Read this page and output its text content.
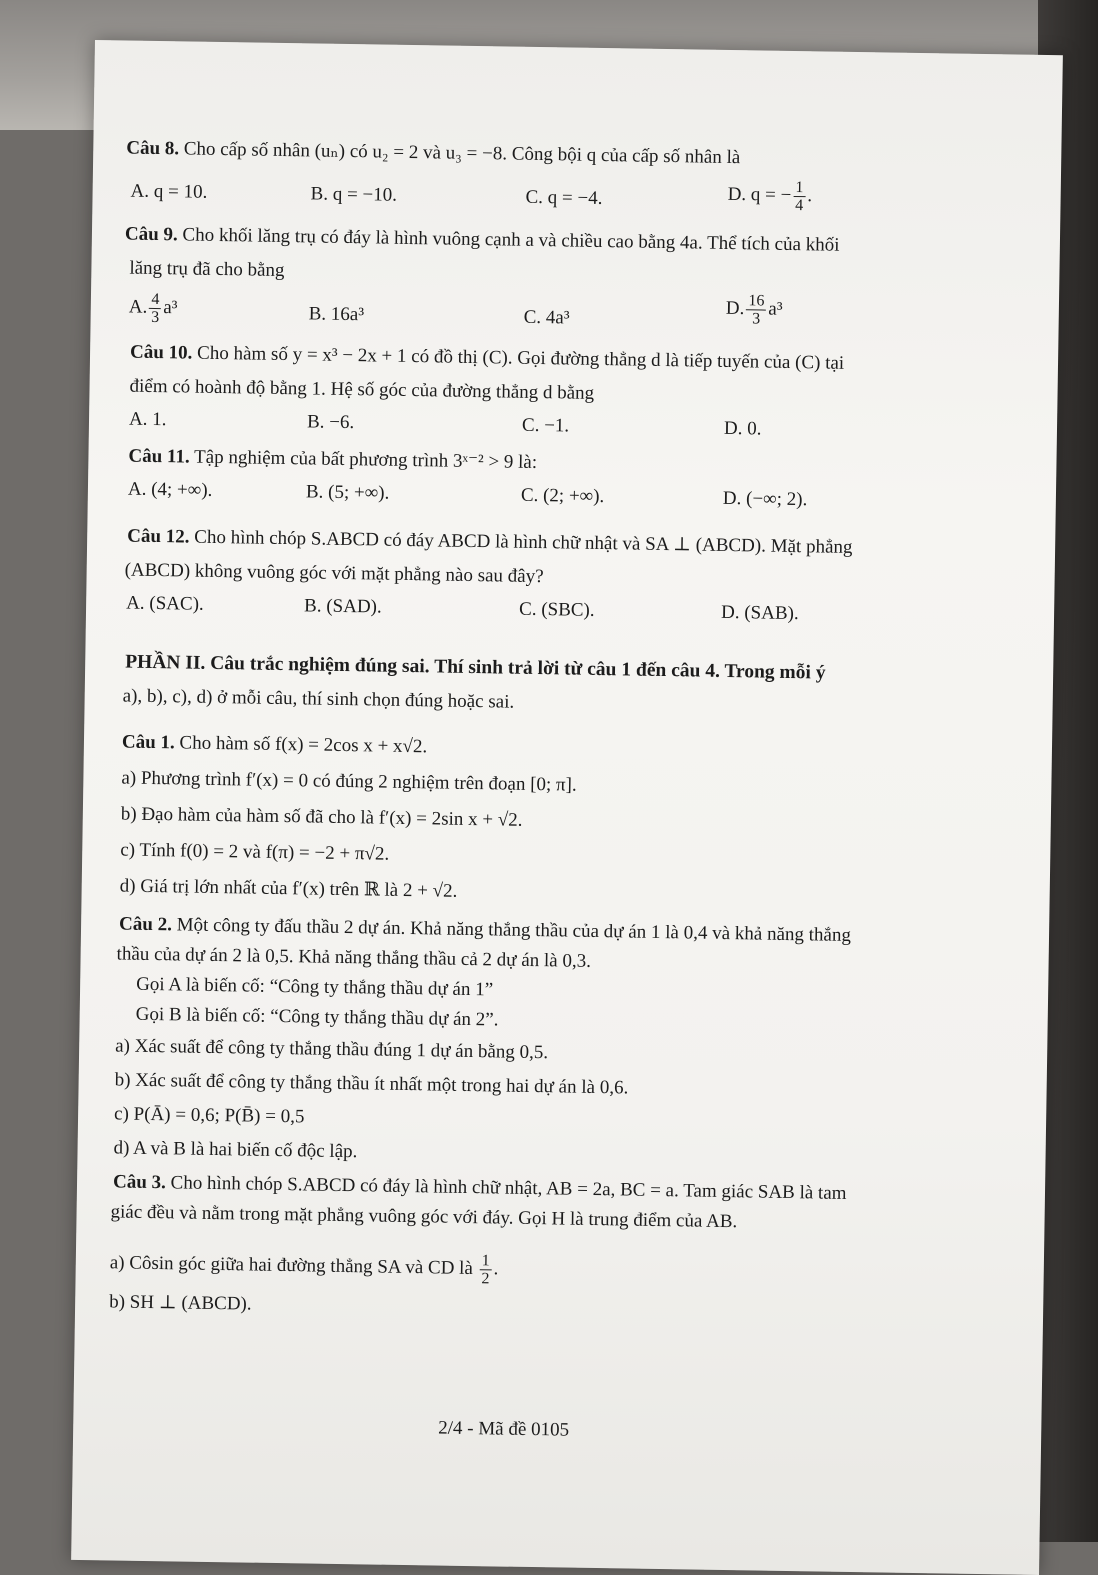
Câu 8. Cho cấp số nhân (uₙ) có u₂ = 2 và u₃ = −8. Công bội q của cấp số nhân là
A. q = 10.	B. q = −10.	C. q = −4.	D. q = − $\frac{1}{4}$ .
Câu 9. Cho khối lăng trụ có đáy là hình vuông cạnh a và chiều cao bằng 4a. Thể tích của khối
lăng trụ đã cho bằng
A. $\frac{4}{3} a^3$	B. 16a³	C. 4a³	D. $\frac{16}{3} a^3$
Câu 10. Cho hàm số y = x³ − 2x + 1 có đồ thị (C). Gọi đường thẳng d là tiếp tuyến của (C) tại
điểm có hoành độ bằng 1. Hệ số góc của đường thẳng d bằng
A. 1.	B. −6.	C. −1.	D. 0.
Câu 11. Tập nghiệm của bất phương trình 3ˣ⁻² > 9 là:
A. (4; +∞).	B. (5; +∞).	C. (2; +∞).	D. (−∞; 2).
Câu 12. Cho hình chóp S.ABCD có đáy ABCD là hình chữ nhật và SA ⊥ (ABCD). Mặt phẳng
(ABCD) không vuông góc với mặt phẳng nào sau đây?
A. (SAC).	B. (SAD).	C. (SBC).	D. (SAB).
PHẦN II. Câu trắc nghiệm đúng sai. Thí sinh trả lời từ câu 1 đến câu 4. Trong mỗi ý
a), b), c), d) ở mỗi câu, thí sinh chọn đúng hoặc sai.
Câu 1. Cho hàm số f(x) = 2cos x + x√2.
a) Phương trình f′(x) = 0 có đúng 2 nghiệm trên đoạn [0; π].
b) Đạo hàm của hàm số đã cho là f′(x) = 2sin x + √2.
c) Tính f(0) = 2 và f(π) = −2 + π√2.
d) Giá trị lớn nhất của f′(x) trên ℝ là 2 + √2.
Câu 2. Một công ty đấu thầu 2 dự án. Khả năng thắng thầu của dự án 1 là 0,4 và khả năng thắng
thầu của dự án 2 là 0,5. Khả năng thắng thầu cả 2 dự án là 0,3.
Gọi A là biến cố: “Công ty thắng thầu dự án 1”
Gọi B là biến cố: “Công ty thắng thầu dự án 2”.
a) Xác suất để công ty thắng thầu đúng 1 dự án bằng 0,5.
b) Xác suất để công ty thắng thầu ít nhất một trong hai dự án là 0,6.
c) P(Ā) = 0,6; P(B̄) = 0,5
d) A và B là hai biến cố độc lập.
Câu 3. Cho hình chóp S.ABCD có đáy là hình chữ nhật, AB = 2a, BC = a. Tam giác SAB là tam
giác đều và nằm trong mặt phẳng vuông góc với đáy. Gọi H là trung điểm của AB.
a) Côsin góc giữa hai đường thẳng SA và CD là $\frac{1}{2}$ .
b) SH ⊥ (ABCD).
2/4 - Mã đề 0105
